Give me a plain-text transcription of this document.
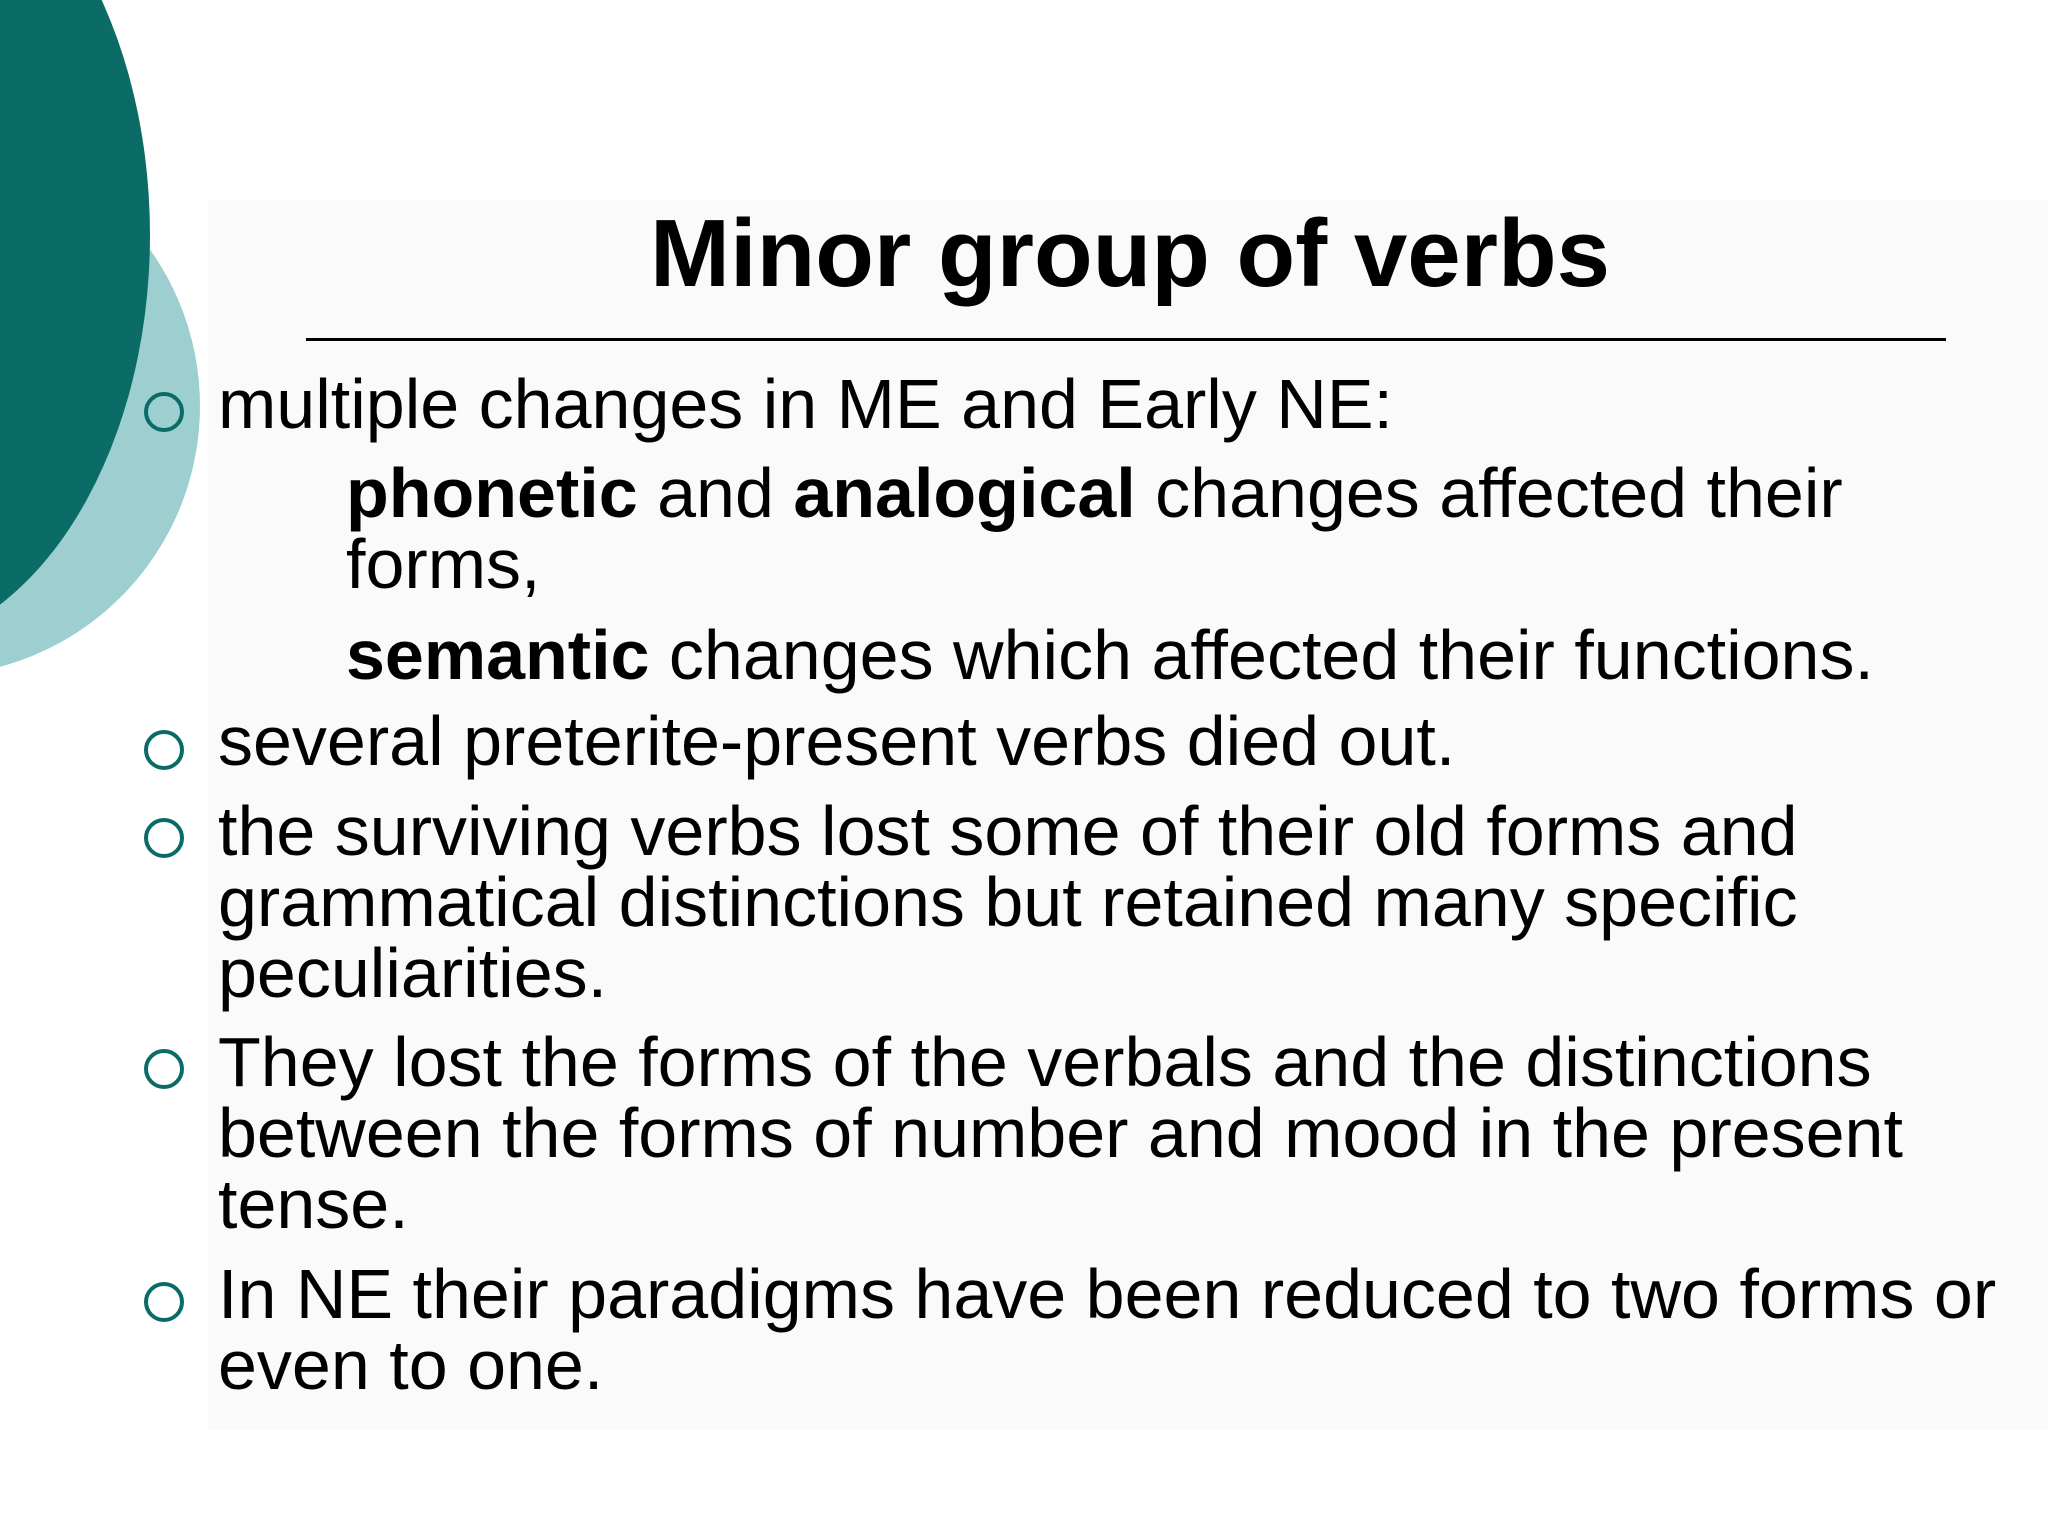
Minor group of verbs
multiple changes in ME and Early NE:
phonetic and analogical changes affected their forms,
semantic changes which affected their functions.
several preterite-present verbs died out.
the surviving verbs lost some of their old forms and grammatical distinctions but retained many specific peculiarities.
They lost the forms of the verbals and the distinctions between the forms of number and mood in the present tense.
In NE their paradigms have been reduced to two forms or even to one.
